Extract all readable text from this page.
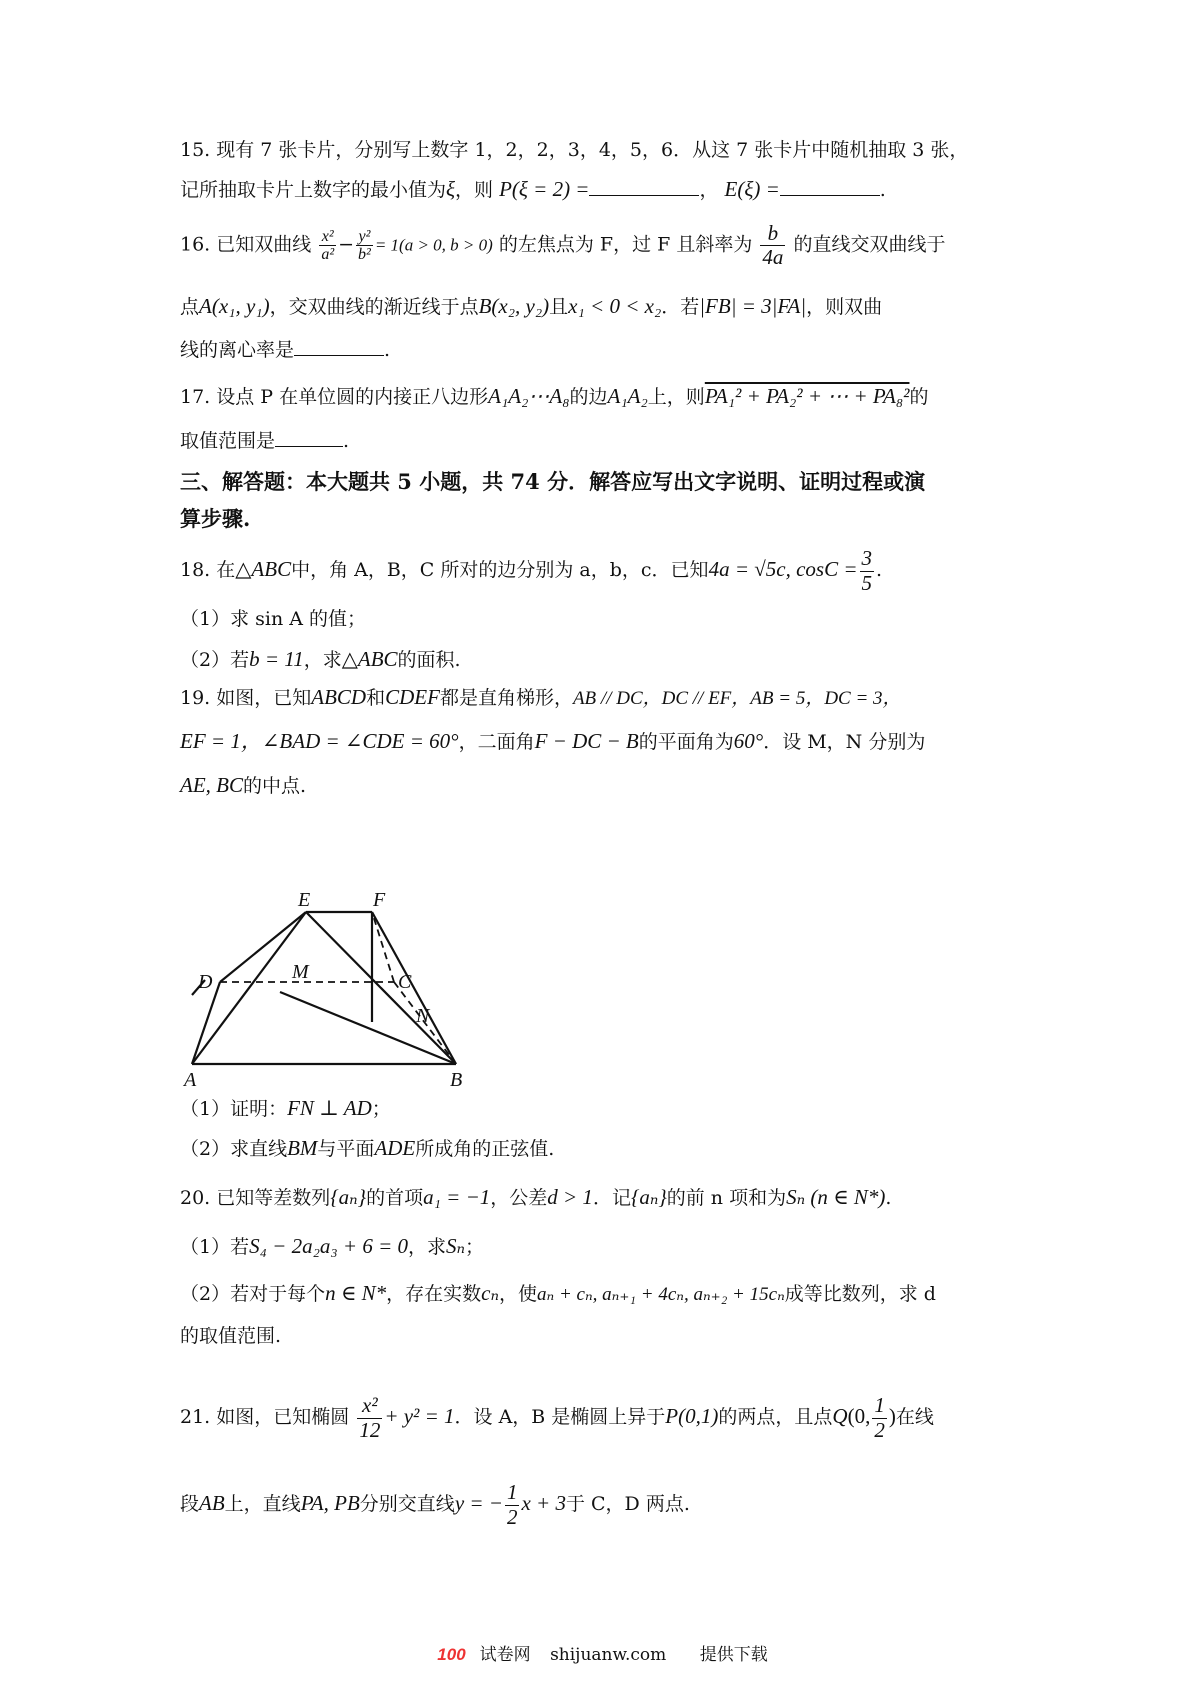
15. 现有 7 张卡片，分别写上数字 1，2，2，3，4，5，6．从这 7 张卡片中随机抽取 3 张，
记所抽取卡片上数字的最小值为ξ，则 P(ξ = 2) =	， E(ξ) =	.
16. 已知双曲线 $\frac{\text{x²}}{\text{a²}} - \frac{\text{y²}}{\text{b²}} = 1(a > 0$, b > 0) 的左焦点为 F，过 F 且斜率为 $\frac{b}{4a}$ 的直线交双曲线于
点A(x₁, y₁)，交双曲线的渐近线于点B(x₂, y₂)且x₁ < 0 < x₂．若|FB| = 3|FA|，则双曲
线的离心率是	.
17. 设点 P 在单位圆的内接正八边形A₁A₂⋯A₈的边A₁A₂上，则PA₁² + PA₂² + ⋯ + PA₈²的
取值范围是	.
三、解答题：本大题共 5 小题，共 74 分．解答应写出文字说明、证明过程或演
算步骤.
18. 在△ABC中，角 A，B，C 所对的边分别为 a，b，c．已知4a = √5c, $\cos C = \frac{3}{5}$ .
（1）求 sin A 的值；
（2）若b = 11，求△ABC的面积.
19. 如图，已知ABCD和CDEF都是直角梯形，AB // DC，DC // EF，AB = 5，DC = 3，
EF = 1，∠BAD = ∠CDE = 60°，二面角F − DC − B的平面角为60°．设 M，N 分别为
AE, BC的中点.
E	F
D	M	C
N
A	B
（1）证明：FN ⊥ AD；
（2）求直线BM与平面ADE所成角的正弦值.
20. 已知等差数列{aₙ}的首项a₁ = −1，公差d > 1．记{aₙ}的前 n 项和为Sₙ (n ∈ N*).
（1）若S₄ − 2a₂a₃ + 6 = 0，求Sₙ；
（2）若对于每个n ∈ N*，存在实数cₙ，使aₙ + cₙ, aₙ₊₁ + 4cₙ, aₙ₊₂ + 15cₙ成等比数列，求 d
的取值范围.
21. 如图，已知椭圆 $\frac{\text{x²}}{12} + y^2 = 1$．设 A，B 是椭圆上异于P(0,1)的两点，且点Q(0, $\frac{1}{2}$ )在线
段AB上，直线PA, PB分别交直线y = − $\frac{1}{2}$ x + 3于 C，D 两点.
100 试卷网 shijuanw.com 提供下载
